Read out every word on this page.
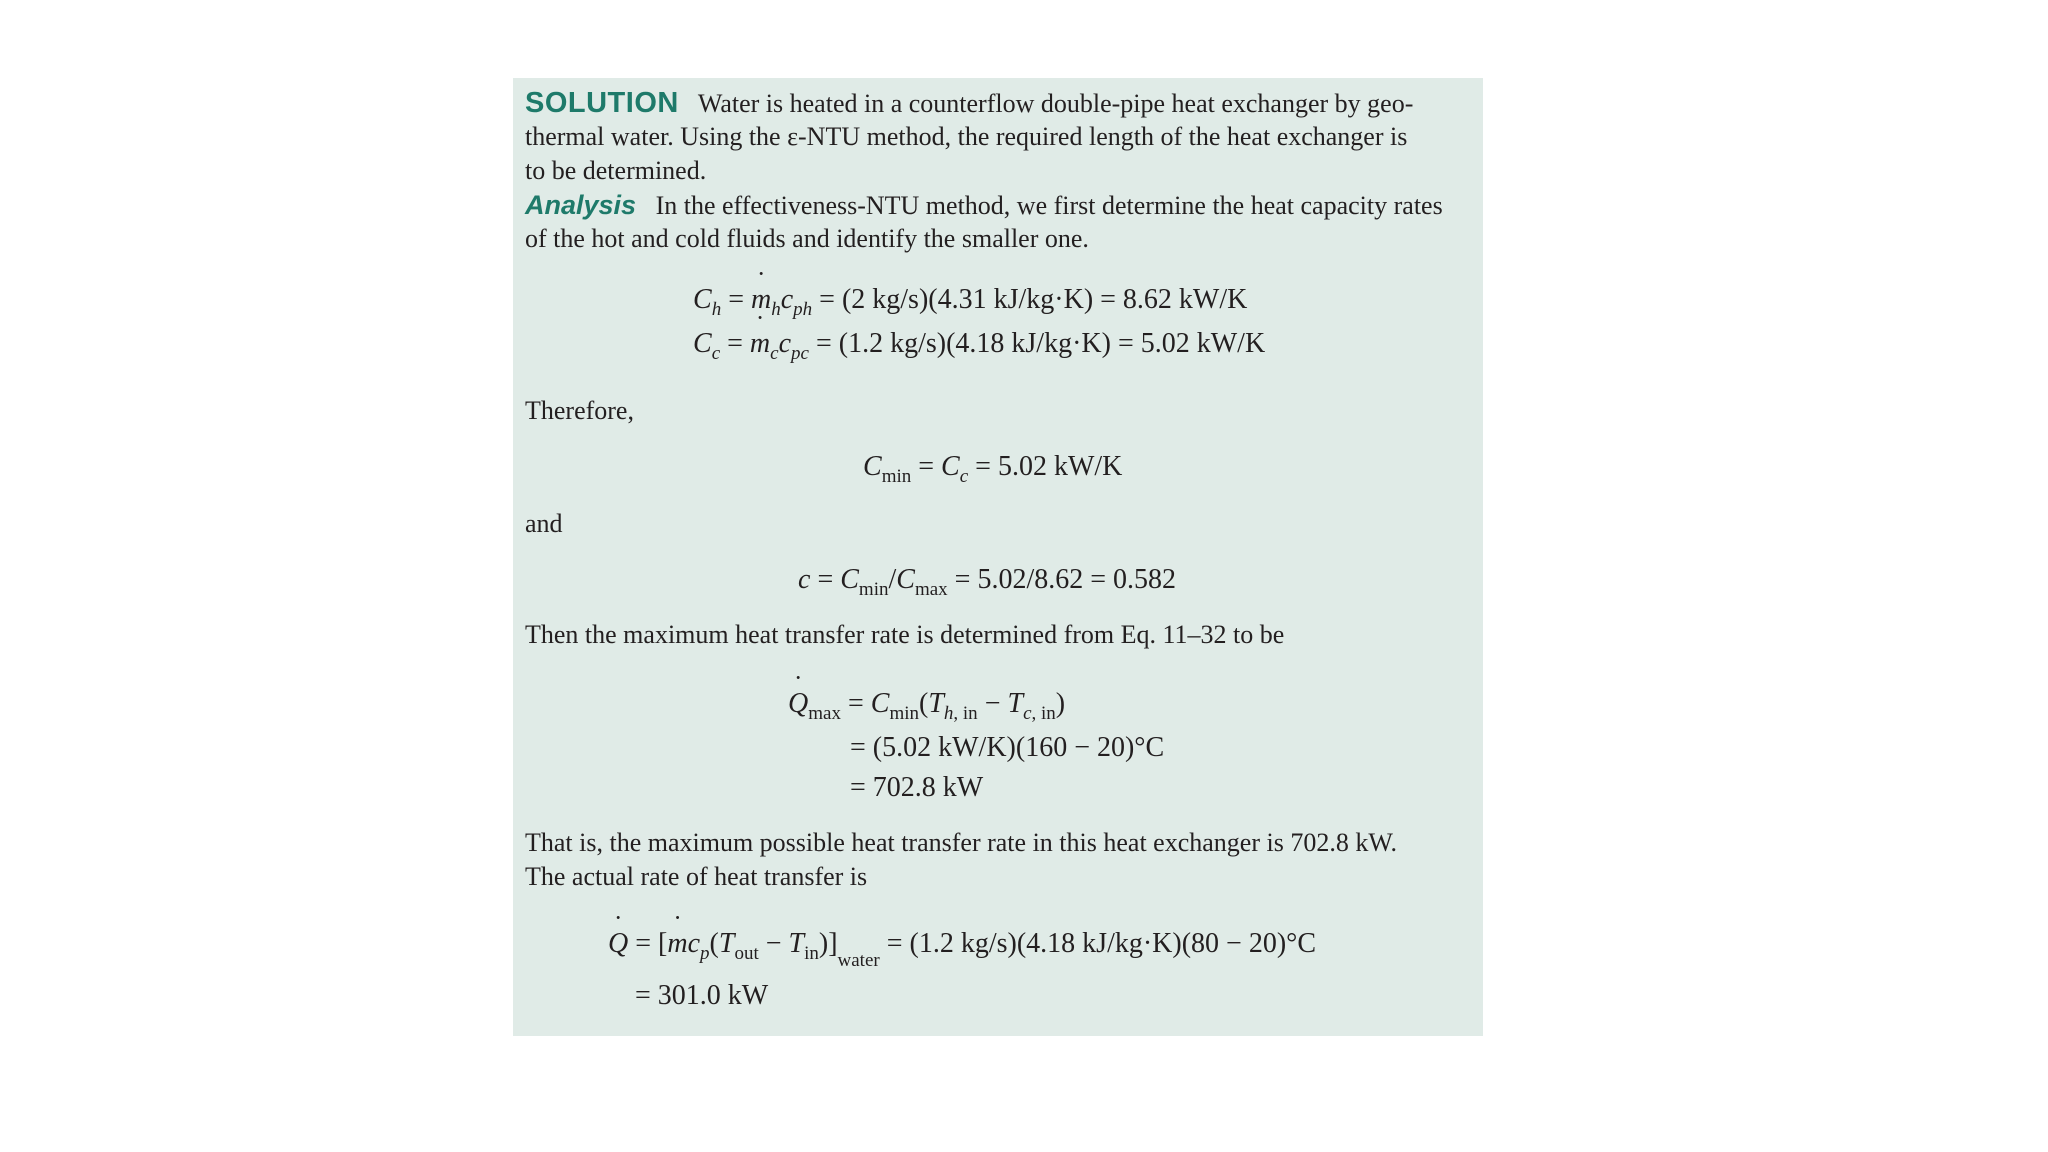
SOLUTION Water is heated in a counterflow double-pipe heat exchanger by geo-
thermal water. Using the ε-NTU method, the required length of the heat exchanger is
to be determined.
Analysis In the effectiveness-NTU method, we first determine the heat capacity rates
of the hot and cold fluids and identify the smaller one.
$C_h$ = ˙ $m_hc_{ph} = (2$ kg/s)(4.31 kJ/kg·K) = 8.62 kW/K
$C_c$ = ˙ $m_cc_{pc} = (1.2$ kg/s)(4.18 kJ/kg·K) = 5.02 kW/K
Therefore,
$C_{min} = C_c = 5.02$ kW/K
and
$c = C_{min}/C_{max} = 5.02/8.62 = 0.582$
Then the maximum heat transfer rate is determined from Eq. 11–32 to be
˙ $Q_{max} = C_{min}(T_{h, in} - T_{c, in})$
= (5.02 kW/K)(160 − 20)°C
= 702.8 kW
That is, the maximum possible heat transfer rate in this heat exchanger is 702.8 kW.
The actual rate of heat transfer is
˙ Q = [˙ $mc_p(T_{out} - T_{in})]_{water} = (1.2$ kg/s)(4.18 kJ/kg·K)(80 − 20)°C
= 301.0 kW
